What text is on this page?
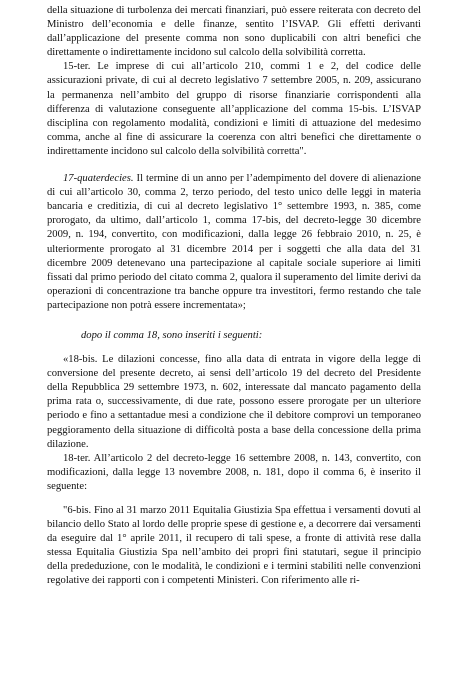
della situazione di turbolenza dei mercati finanziari, può essere reiterata con decreto del Ministro dell’economia e delle finanze, sentito l’ISVAP. Gli effetti derivanti dall’applicazione del presente comma non sono duplicabili con altri benefici che direttamente o indirettamente incidono sul calcolo della solvibilità corretta.

15-ter. Le imprese di cui all’articolo 210, commi 1 e 2, del codice delle assicurazioni private, di cui al decreto legislativo 7 settembre 2005, n. 209, assicurano la permanenza nell’ambito del gruppo di risorse finanziarie corrispondenti alla differenza di valutazione conseguente all’applicazione del comma 15-bis. L’ISVAP disciplina con regolamento modalità, condizioni e limiti di attuazione del medesimo comma, anche al fine di assicurare la coerenza con altri benefici che direttamente o indirettamente incidono sul calcolo della solvibilità corretta".

17-quaterdecies. Il termine di un anno per l’adempimento del dovere di alienazione di cui all’articolo 30, comma 2, terzo periodo, del testo unico delle leggi in materia bancaria e creditizia, di cui al decreto legislativo 1° settembre 1993, n. 385, come prorogato, da ultimo, dall’articolo 1, comma 17-bis, del decreto-legge 30 dicembre 2009, n. 194, convertito, con modificazioni, dalla legge 26 febbraio 2010, n. 25, è ulteriormente prorogato al 31 dicembre 2014 per i soggetti che alla data del 31 dicembre 2009 detenevano una partecipazione al capitale sociale superiore ai limiti fissati dal primo periodo del citato comma 2, qualora il superamento del limite derivi da operazioni di concentrazione tra banche oppure tra investitori, fermo restando che tale partecipazione non potrà essere incrementata»;

dopo il comma 18, sono inseriti i seguenti:

«18-bis. Le dilazioni concesse, fino alla data di entrata in vigore della legge di conversione del presente decreto, ai sensi dell’articolo 19 del decreto del Presidente della Repubblica 29 settembre 1973, n. 602, interessate dal mancato pagamento della prima rata o, successivamente, di due rate, possono essere prorogate per un ulteriore periodo e fino a settantadue mesi a condizione che il debitore comprovi un temporaneo peggioramento della situazione di difficoltà posta a base della concessione della prima dilazione.

18-ter. All’articolo 2 del decreto-legge 16 settembre 2008, n. 143, convertito, con modificazioni, dalla legge 13 novembre 2008, n. 181, dopo il comma 6, è inserito il seguente:

"6-bis. Fino al 31 marzo 2011 Equitalia Giustizia Spa effettua i versamenti dovuti al bilancio dello Stato al lordo delle proprie spese di gestione e, a decorrere dai versamenti da eseguire dal 1° aprile 2011, il recupero di tali spese, a fronte di attività rese dalla stessa Equitalia Giustizia Spa nell’ambito dei propri fini statutari, segue il principio della prededuzione, con le modalità, le condizioni e i termini stabiliti nelle convenzioni regolative dei rapporti con i competenti Ministeri. Con riferimento alle ri-
